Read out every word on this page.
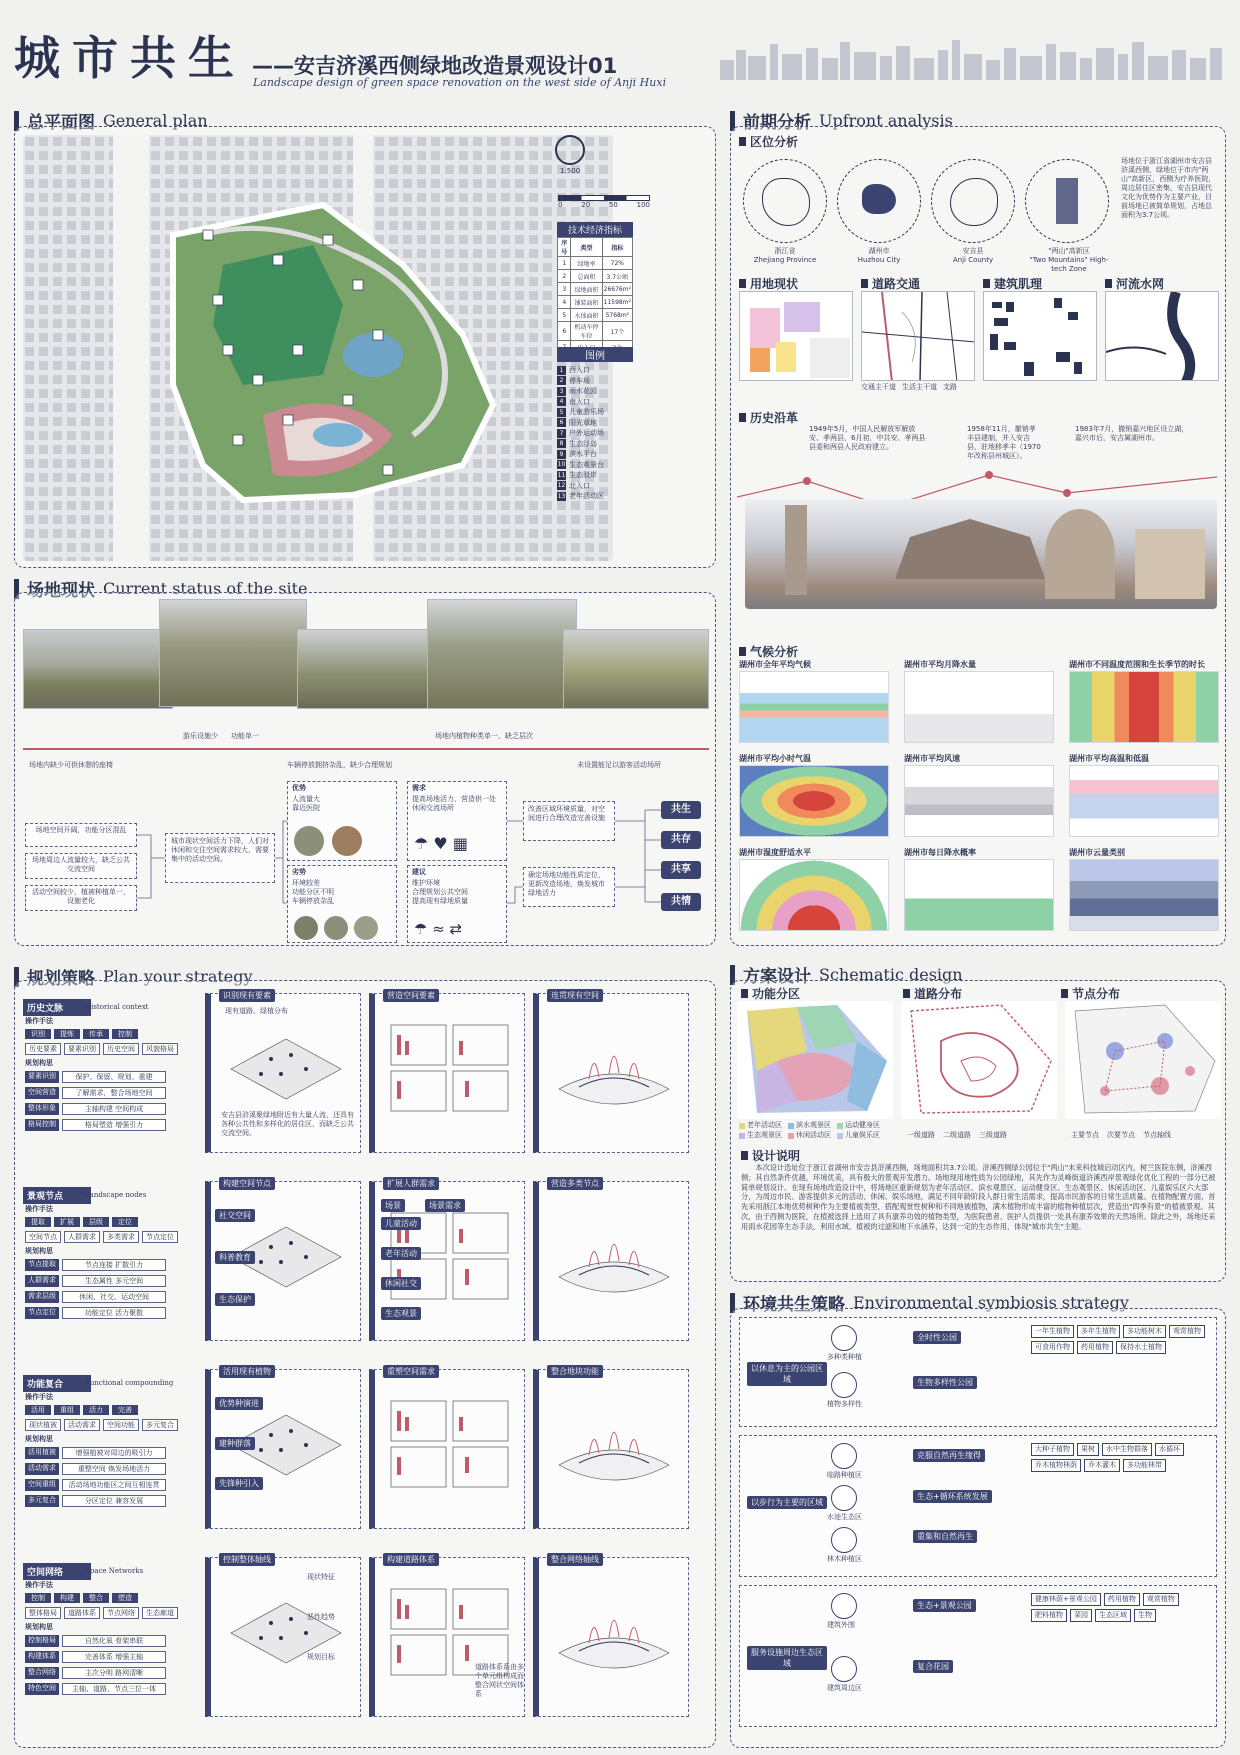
城市共生 ——安吉济溪西侧绿地改造景观设计01
Landscape design of green space renovation on the west side of Anji Huxi
总平面图 General plan
1:500
0	20	50	100
技术经济指标
序号	类型	指标
1	绿地率	72%
2	总面积	3.7公顷
3	绿地面积	26676m²
4	铺装面积	11598m²
5	水体面积	5768m²
6	机动车停车位	17个

图例
1 西入口
2 停车场
3 雨水花园
4 南入口
5 儿童游乐场
6 阳光草地
7 户外运动场
8 生态浮岛
9 滨水平台
10 生态观景台
11 生态驳岸
12 北入口
13 老年活动区
场地现状 Current status of the site
游乐设施少 功能单一	场地内植物种类单一，缺乏层次
场地内缺少可供休憩的座椅	车辆停放拥挤杂乱，缺少合理规划	未设置能足以游客活动场所
场地空间开阔，功能分区混乱
场地周边人流量较大，缺乏公共交流空间
活动空间较少，植被种植单一，设施老化
城市现状空间活力下降，人们对休闲和交往空间需求较大，需要集中的活动空间。
优势
人流量大
靠近医院
需求
提高场地活力，营造供一处休闲交流场所
☂ ♥ ▦
劣势
环境较差
功能分区不明
车辆停放杂乱
建议
维护环境
合理规划公共空间
提高现有绿地质量
☂ ≈ ⇄
改善区域环境质量，对空间进行合理改造完善设施
确定场地功能性质定位，更新改造场地，焕发城市绿地活力
共生
共存
共享
共情
前期分析 Upfront analysis
区位分析
浙江省
Zhejiang Province
湖州市
Huzhou City
安吉县
Anji County
"两山"高新区
"Two Mountains" High-tech Zone
场地位于浙江省湖州市安吉县浒溪西侧，绿地位于市内"两山"高新区，西侧为疗养医院，周边居住区密集，安吉县现代文化为优势作为主要产业，目前场地已被简单规划，占地总面积为3.7公顷。
用地现状	道路交通	建筑肌理	河流水网
交通主干道 生活主干道 支路
历史沿革
1949年5月，中国人民解放军解放安、孝两县，6月初，中共安、孝两县县委和两县人民政府建立。
1958年11月，撤销孝丰县建制，并入安吉县，驻地移孝丰（1970年改称县州城区）。
1983年7月，撤销嘉兴地区设立湖，嘉兴市后，安吉属湖州市。
气候分析
湖州市全年平均气候	湖州市平均月降水量	湖州市不同温度范围和生长季节的时长
湖州市平均小时气温	湖州市平均风速	湖州市平均高温和低温
湖州市湿度舒适水平	湖州市每日降水概率	湖州市云量类别
规划策略 Plan your strategy
历史文脉	Historical context
操作手法
识别	提炼	传承	控制
历史要素	要素识别	历史空间	风貌格局
规划构思
要素识别	保护、保留、规划、重建
空间营造	了解需求，整合场地空间
整体形象	主轴构建 空间构成
格局控制	格局塑造 增强引力
识别现有要素	营造空间要素	连贯现有空间
现有道路、绿植分布
安吉县浒溪聚绿地附近有大量人流，还具有各种公共性和多样化的居住区，而缺乏公共交流空间。
景观节点	Landscape nodes
操作手法
提取	扩展	层级	定位
空间节点	人群需求	多类需求	节点定位
规划构思
节点提取	节点连接 扩散引力
人群需求	生态属性 多元空间
需求层级	休闲、社交、运动空间
节点定位	功能定位 活力聚散
构建空间节点	扩展人群需求	营造多类节点
社交空间
科普教育
生态保护
场景	场景需求
儿童活动
老年活动
休闲社交
生态观景
功能复合	Functional compounding
操作手法
活用	重组	活力	完善
现状植被	活动需求	空间功能	多元复合
规划构思
活用植被	增强植被对周边的吸引力
活动需求	重整空间 焕发场地活力
空间重组	活动场地功能区之间互相连贯
多元复合	分区定位 兼容发展
活用现有植物	重塑空间需求	整合地块功能
优势种演进
建种群落
先锋种引入
空间网络	Space Networks
操作手法
控制	构建	整合	塑造
整体格局	道路体系	节点网络	生态廊道
规划构思
控制格局	自然化氧 骨架串联
构建体系	完善体系 增强主轴
整合网络	主次分明 路网清晰
特色空间	主轴、道路、节点三位一体
控制整体轴线	构建道路体系	整合网络轴线
现状特征
恶性趋势
规划目标
道路体系系由多个单元组构成而整合网状空间体系
方案设计 Schematic design
功能分区	道路分布	节点分布
老年活动区 滨水观景区 运动健身区
生态观景区 休闲活动区 儿童娱乐区	一级道路 二级道路 三级道路	主要节点 次要节点 节点轴线
设计说明
本次设计选址位于浙江省湖州市安吉县浒溪西侧，场地面积共3.7公顷。浒溪西侧绿公园位于"两山"未来科技城启动区内，树兰医院东侧，浒溪西侧；其自然条件优越，环境优美，具有极大的景观开发潜力。场地现用地性质为公园绿地，其先作为灵峰街道浒溪西岸景观绿化优化工程的一部分已被简单规划设计。在现有场地改造设计中，将场地区重新规划为老年活动区、滨水观景区、运动健身区、生态观景区、休闲活动区、儿童娱乐区六大部分，为周边市民、游客提供多元的活动、休闲、娱乐场地，满足不同年龄阶段人群日常生活需求，提高市民游客的日常生活质量。在植物配置方面，首先采用浙江本地优势树种作为主要植被类型，搭配观赏性树种和不同地被植物，满木植物形成丰富的植物种植层次，营造出"四季有景"的植被景观。其次，由于西侧为医院，在植被选择上选用了具有康养功效的植物类型，为医院患者、医护人员提供一处具有康养效果的天然场所。除此之外，场地还采用雨水花园等生态手法，利用水域、植被的过滤和地下水涵养，达到一定的生态作用，体现"城市共生"主题。
环境共生策略 Environmental symbiosis strategy
以休息为主的公园区域
多种类种植
植物多样性
全时性公园
生物多样性公园
一年生植物	多年生植物	多功能树木	观赏植物
可食用作物	药用植物	保持水土植物
以步行为主要的区域
临路种植区
水池生态区
林木种植区
克服自然再生缘得
生态+循环系统发展
重集和自然再生
大种子植物	果树	水中生物群落	水循环
乔木植物林荫	乔木灌木	多功能林带
服务设施周边生态区域
建筑外围
建筑周边区
生态+景观公园
复合花园
健康林荫+景观公园	药用植物	观赏植物
肥料植物	菜园	生态区域	生物
